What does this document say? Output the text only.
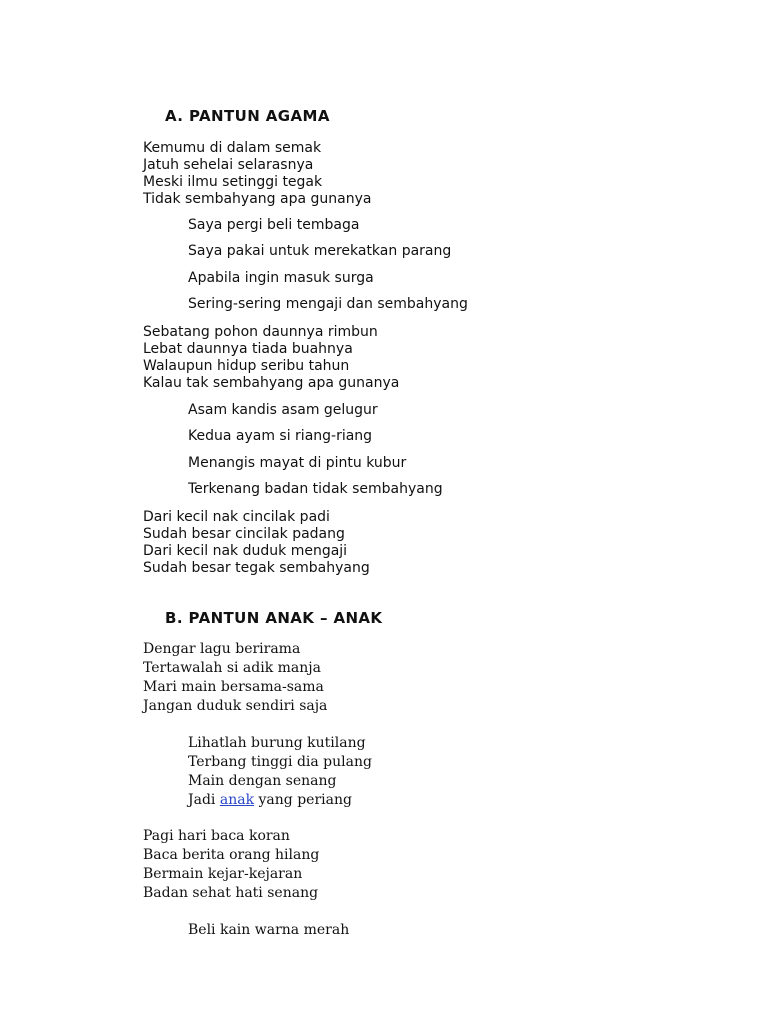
A. PANTUN AGAMA
Kemumu di dalam semak
Jatuh sehelai selarasnya
Meski ilmu setinggi tegak
Tidak sembahyang apa gunanya
Saya pergi beli tembaga
Saya pakai untuk merekatkan parang
Apabila ingin masuk surga
Sering-sering mengaji dan sembahyang
Sebatang pohon daunnya rimbun
Lebat daunnya tiada buahnya
Walaupun hidup seribu tahun
Kalau tak sembahyang apa gunanya
Asam kandis asam gelugur
Kedua ayam si riang-riang
Menangis mayat di pintu kubur
Terkenang badan tidak sembahyang
Dari kecil nak cincilak padi
Sudah besar cincilak padang
Dari kecil nak duduk mengaji
Sudah besar tegak sembahyang
B. PANTUN ANAK – ANAK
Dengar lagu berirama
Tertawalah si adik manja
Mari main bersama-sama
Jangan duduk sendiri saja
Lihatlah burung kutilang
Terbang tinggi dia pulang
Main dengan senang
Jadi anak yang periang
Pagi hari baca koran
Baca berita orang hilang
Bermain kejar-kejaran
Badan sehat hati senang
Beli kain warna merah
